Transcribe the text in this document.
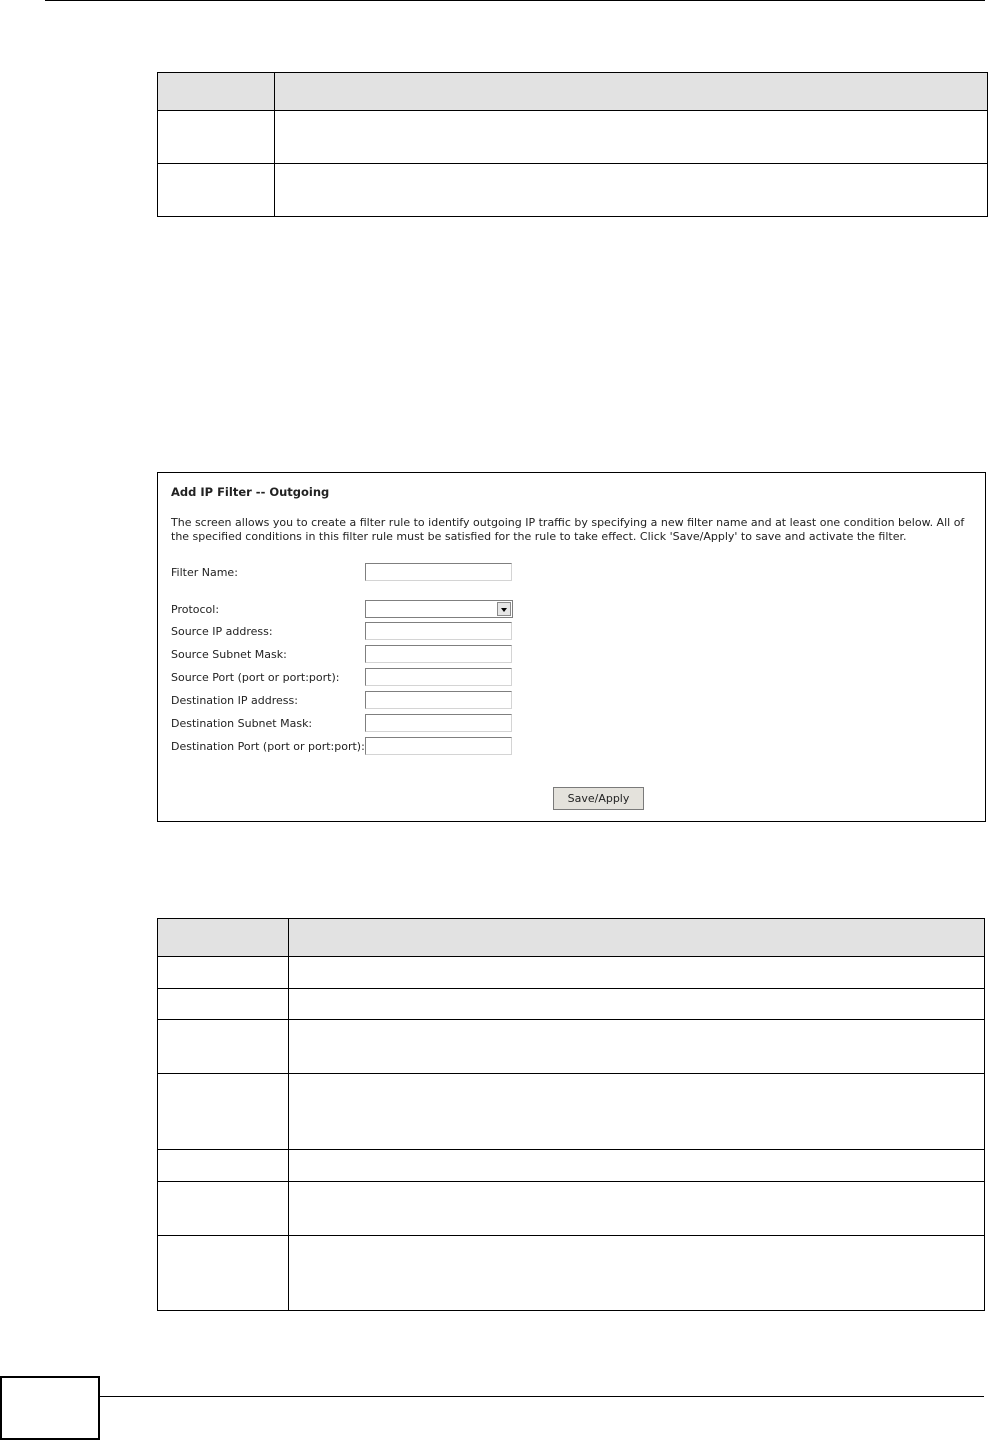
Add IP Filter -- Outgoing
The screen allows you to create a filter rule to identify outgoing IP traffic by specifying a new filter name and at least one condition below. All of the specified conditions in this filter rule must be satisfied for the rule to take effect. Click 'Save/Apply' to save and activate the filter.
Filter Name:
Protocol:
Source IP address:
Source Subnet Mask:
Source Port (port or port:port):
Destination IP address:
Destination Subnet Mask:
Destination Port (port or port:port):
Save/Apply
